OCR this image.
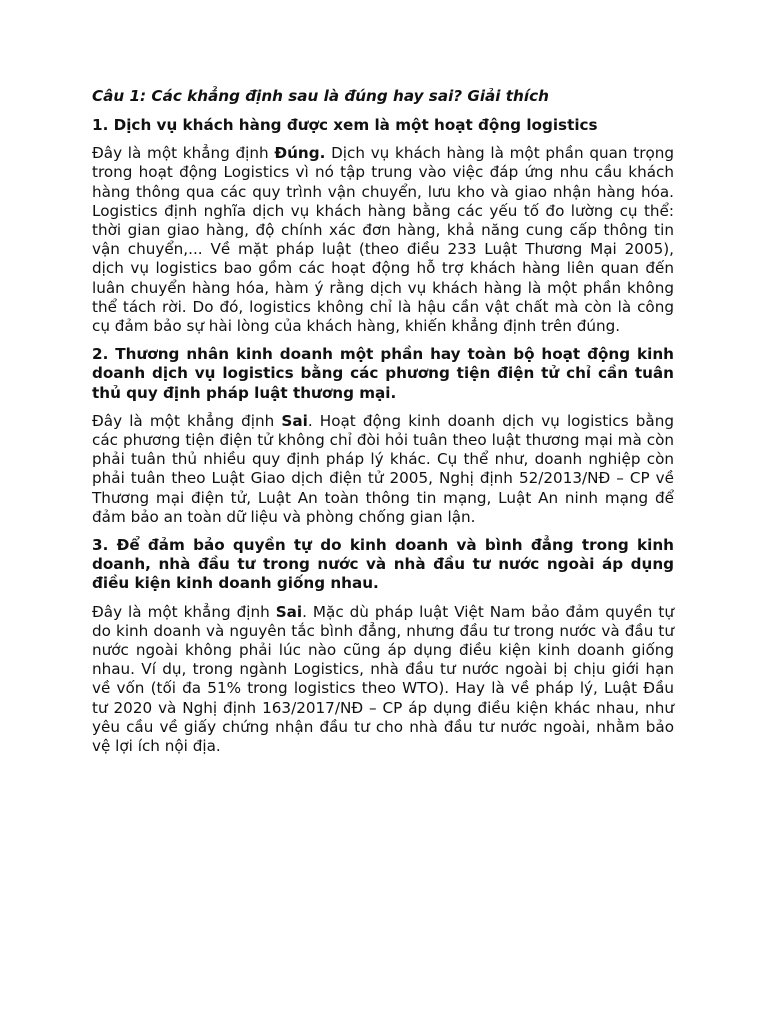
Câu 1: Các khẳng định sau là đúng hay sai? Giải thích

1. Dịch vụ khách hàng được xem là một hoạt động logistics

Đây là một khẳng định Đúng. Dịch vụ khách hàng là một phần quan trọng trong hoạt động Logistics vì nó tập trung vào việc đáp ứng nhu cầu khách hàng thông qua các quy trình vận chuyển, lưu kho và giao nhận hàng hóa. Logistics định nghĩa dịch vụ khách hàng bằng các yếu tố đo lường cụ thể: thời gian giao hàng, độ chính xác đơn hàng, khả năng cung cấp thông tin vận chuyển,... Về mặt pháp luật (theo điều 233 Luật Thương Mại 2005), dịch vụ logistics bao gồm các hoạt động hỗ trợ khách hàng liên quan đến luân chuyển hàng hóa, hàm ý rằng dịch vụ khách hàng là một phần không thể tách rời. Do đó, logistics không chỉ là hậu cần vật chất mà còn là công cụ đảm bảo sự hài lòng của khách hàng, khiến khẳng định trên đúng.

2. Thương nhân kinh doanh một phần hay toàn bộ hoạt động kinh doanh dịch vụ logistics bằng các phương tiện điện tử chỉ cần tuân thủ quy định pháp luật thương mại.

Đây là một khẳng định Sai. Hoạt động kinh doanh dịch vụ logistics bằng các phương tiện điện tử không chỉ đòi hỏi tuân theo luật thương mại mà còn phải tuân thủ nhiều quy định pháp lý khác. Cụ thể như, doanh nghiệp còn phải tuân theo Luật Giao dịch điện tử 2005, Nghị định 52/2013/NĐ – CP về Thương mại điện tử, Luật An toàn thông tin mạng, Luật An ninh mạng để đảm bảo an toàn dữ liệu và phòng chống gian lận.

3. Để đảm bảo quyền tự do kinh doanh và bình đẳng trong kinh doanh, nhà đầu tư trong nước và nhà đầu tư nước ngoài áp dụng điều kiện kinh doanh giống nhau.

Đây là một khẳng định Sai. Mặc dù pháp luật Việt Nam bảo đảm quyền tự do kinh doanh và nguyên tắc bình đẳng, nhưng đầu tư trong nước và đầu tư nước ngoài không phải lúc nào cũng áp dụng điều kiện kinh doanh giống nhau. Ví dụ, trong ngành Logistics, nhà đầu tư nước ngoài bị chịu giới hạn về vốn (tối đa 51% trong logistics theo WTO). Hay là về pháp lý, Luật Đầu tư 2020 và Nghị định 163/2017/NĐ – CP áp dụng điều kiện khác nhau, như yêu cầu về giấy chứng nhận đầu tư cho nhà đầu tư nước ngoài, nhằm bảo vệ lợi ích nội địa.
